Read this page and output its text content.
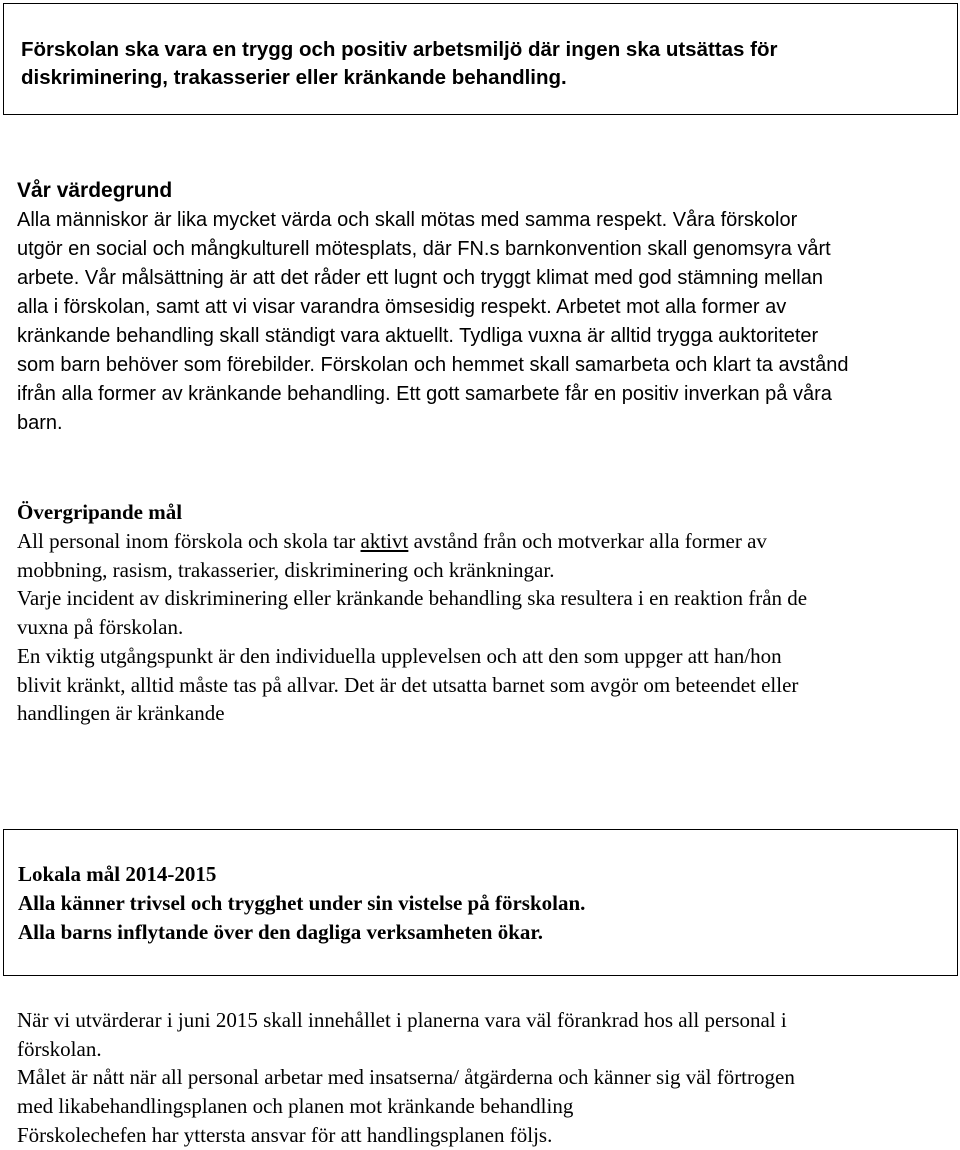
Förskolan ska vara en trygg och positiv arbetsmiljö där ingen ska utsättas för
diskriminering, trakasserier eller kränkande behandling.

Vår värdegrund

Alla människor är lika mycket värda och skall mötas med samma respekt. Våra förskolor
utgör en social och mångkulturell mötesplats, där FN.s barnkonvention skall genomsyra vårt
arbete. Vår målsättning är att det råder ett lugnt och tryggt klimat med god stämning mellan
alla i förskolan, samt att vi visar varandra ömsesidig respekt. Arbetet mot alla former av
kränkande behandling skall ständigt vara aktuellt. Tydliga vuxna är alltid trygga auktoriteter
som barn behöver som förebilder. Förskolan och hemmet skall samarbeta och klart ta avstånd
ifrån alla former av kränkande behandling. Ett gott samarbete får en positiv inverkan på våra
barn.

Övergripande mål

All personal inom förskola och skola tar aktivt avstånd från och motverkar alla former av
mobbning, rasism, trakasserier, diskriminering och kränkningar.
Varje incident av diskriminering eller kränkande behandling ska resultera i en reaktion från de
vuxna på förskolan.
En viktig utgångspunkt är den individuella upplevelsen och att den som uppger att han/hon
blivit kränkt, alltid måste tas på allvar. Det är det utsatta barnet som avgör om beteendet eller
handlingen är kränkande
Lokala mål 2014-2015
Alla känner trivsel och trygghet under sin vistelse på förskolan.
Alla barns inflytande över den dagliga verksamheten ökar.
När vi utvärderar i juni 2015 skall innehållet i planerna vara väl förankrad hos all personal i
förskolan.
Målet är nått när all personal arbetar med insatserna/ åtgärderna och känner sig väl förtrogen
med likabehandlingsplanen och planen mot kränkande behandling
Förskolechefen har yttersta ansvar för att handlingsplanen följs.
